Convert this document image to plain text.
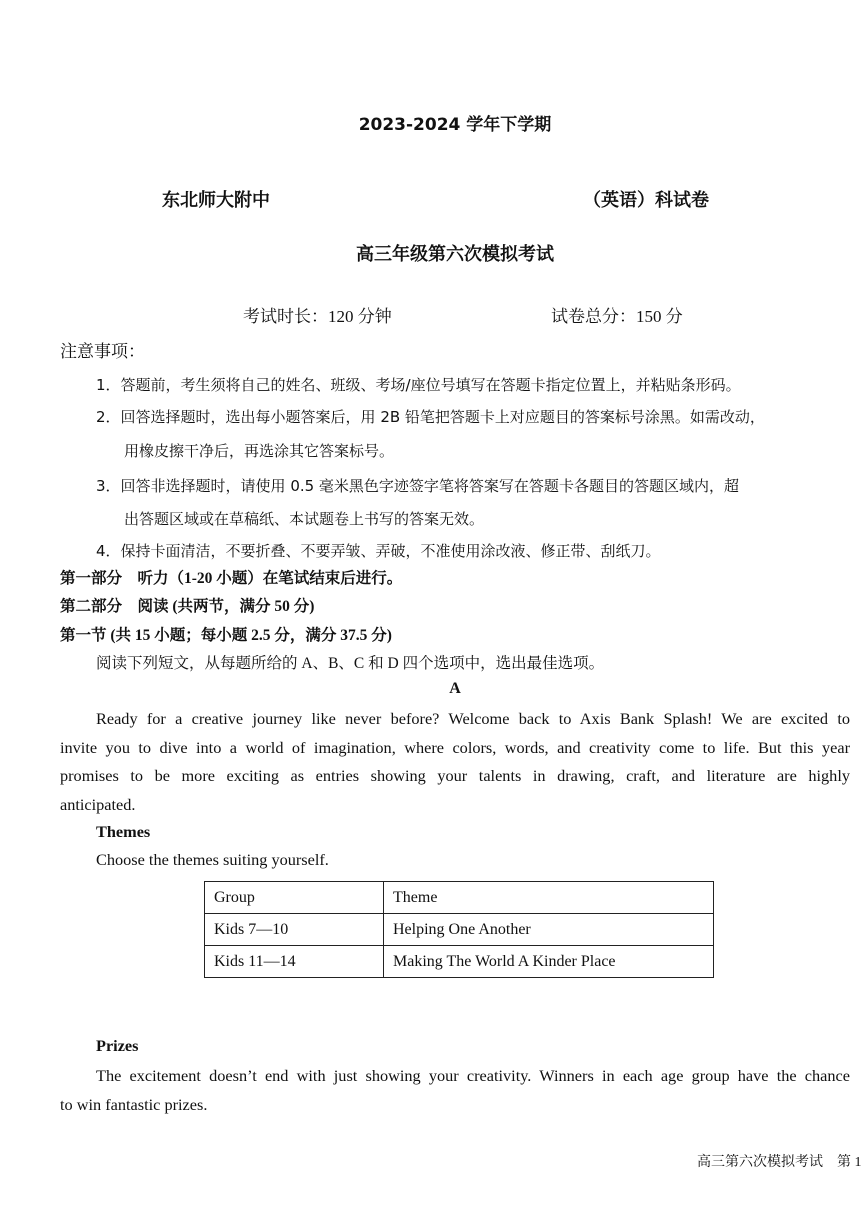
2023-2024 学年下学期
东北师大附中	（英语）科试卷
高三年级第六次模拟考试
考试时长：120 分钟	试卷总分：150 分
注意事项：
1．答题前，考生须将自己的姓名、班级、考场/座位号填写在答题卡指定位置上，并粘贴条形码。
2．回答选择题时，选出每小题答案后，用 2B 铅笔把答题卡上对应题目的答案标号涂黑。如需改动，
用橡皮擦干净后，再选涂其它答案标号。
3．回答非选择题时，请使用 0.5 毫米黑色字迹签字笔将答案写在答题卡各题目的答题区域内，超
出答题区域或在草稿纸、本试题卷上书写的答案无效。
4．保持卡面清洁，不要折叠、不要弄皱、弄破，不准使用涂改液、修正带、刮纸刀。
第一部分　听力（1-20 小题）在笔试结束后进行。
第二部分　阅读 (共两节，满分 50 分)
第一节 (共 15 小题；每小题 2.5 分，满分 37.5 分)
阅读下列短文，从每题所给的 A、B、C 和 D 四个选项中，选出最佳选项。
A
Ready for a creative journey like never before? Welcome back to Axis Bank Splash! We are excited to
invite you to dive into a world of imagination, where colors, words, and creativity come to life. But this year
promises to be more exciting as entries showing your talents in drawing, craft, and literature are highly
anticipated.
Themes
Choose the themes suiting yourself.
Group	Theme
Kids 7—10	Helping One Another
Kids 11—14	Making The World A Kinder Place
Prizes
The excitement doesn’t end with just showing your creativity. Winners in each age group have the chance
to win fantastic prizes.
高三第六次模拟考试　第 1
